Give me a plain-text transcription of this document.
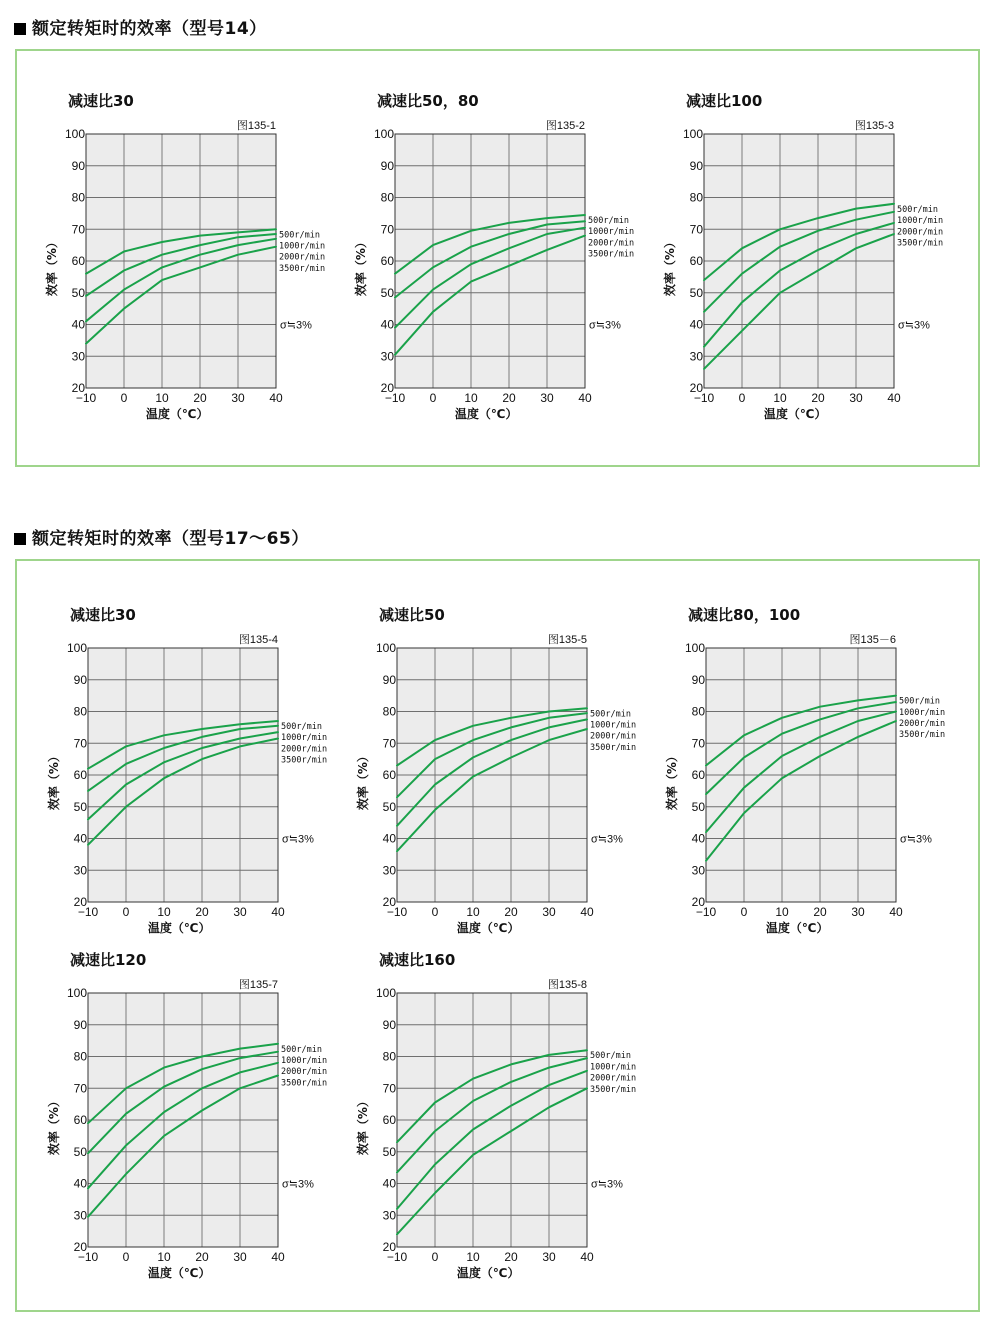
额定转矩时的效率（型号14）
额定转矩时的效率（型号17～65）
减速比30
100
90
80
70
60
50
40
30
20
−10 0 10 20 30 40
图135-1
温度（℃）
效率（%）
500r/min
1000r/min
2000r/min
3500r/min
σ≒3%
减速比50，80
100
90
80
70
60
50
40
30
20
−10 0 10 20 30 40
图135-2
温度（℃）
效率（%）
500r/min
1000r/min
2000r/min
3500r/min
σ≒3%
减速比100
100
90
80
70
60
50
40
30
20
−10 0 10 20 30 40
图135-3
温度（℃）
效率（%）
500r/min
1000r/min
2000r/min
3500r/min
σ≒3%
减速比30
100
90
80
70
60
50
40
30
20
−10 0 10 20 30 40
图135-4
温度（℃）
效率（%）
500r/min
1000r/min
2000r/min
3500r/min
σ≒3%
减速比50
100
90
80
70
60
50
40
30
20
−10 0 10 20 30 40
图135-5
温度（℃）
效率（%）
500r/min
1000r/min
2000r/min
3500r/min
σ≒3%
减速比80，100
100
90
80
70
60
50
40
30
20
−10 0 10 20 30 40
图135－6
温度（℃）
效率（%）
500r/min
1000r/min
2000r/min
3500r/min
σ≒3%
减速比120
100
90
80
70
60
50
40
30
20
−10 0 10 20 30 40
图135-7
温度（℃）
效率（%）
500r/min
1000r/min
2000r/min
3500r/min
σ≒3%
减速比160
100
90
80
70
60
50
40
30
20
−10 0 10 20 30 40
图135-8
温度（℃）
效率（%）
500r/min
1000r/min
2000r/min
3500r/min
σ≒3%
